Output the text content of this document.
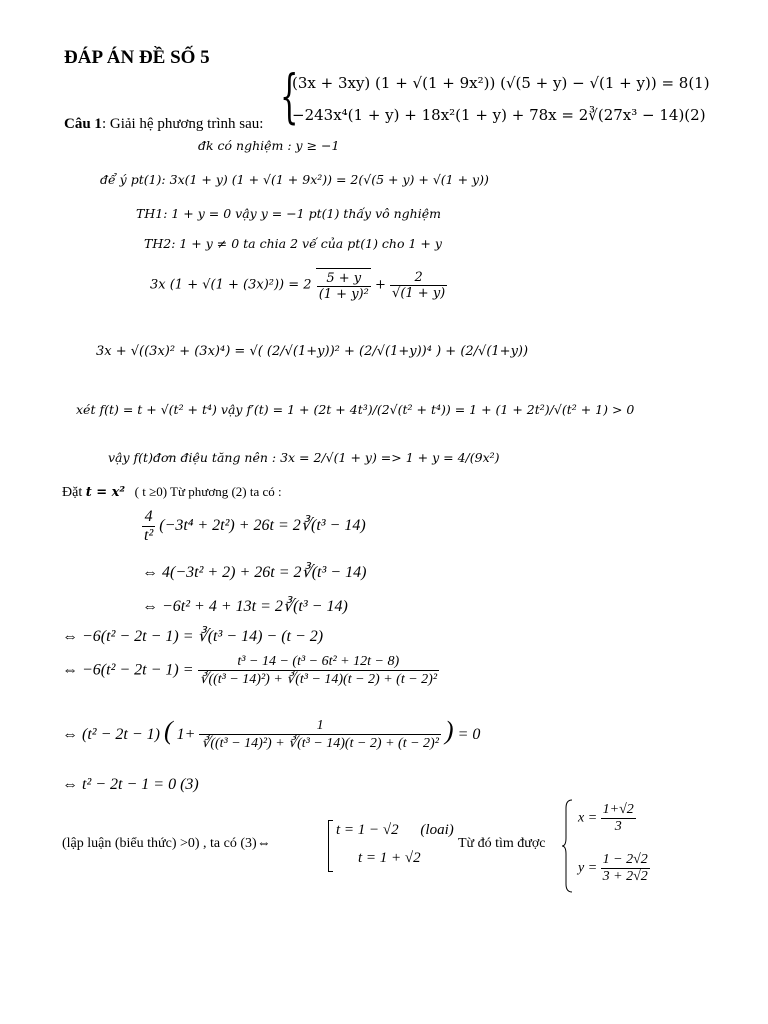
ĐÁP ÁN ĐỀ SỐ 5
Câu 1: Giải hệ phương trình sau: {
(3x + 3xy) (1 + √(1 + 9x²)) (√(5 + y) − √(1 + y)) = 8(1)
−243x⁴(1 + y) + 18x²(1 + y) + 78x = 2∛(27x³ − 14)(2)
đk có nghiệm : y ≥ −1
để ý pt(1): 3x(1 + y) (1 + √(1 + 9x²)) = 2(√(5 + y) + √(1 + y))
TH1: 1 + y = 0 vậy y = −1 pt(1) thấy vô nghiệm
TH2: 1 + y ≠ 0 ta chia 2 vế của pt(1) cho 1 + y
3x $(1 + √(1 + (3x)^2)) = 2 \frac{5 + y}{\text{(1 + y)²}} + \frac{2}{√(1 + y)}$
3x + √((3x)² + (3x)⁴) = √( (2/√(1+y))² + (2/√(1+y))⁴ ) + (2/√(1+y))
xét f(t) = t + √(t² + t⁴) vậy f′(t) = 1 + (2t + 4t³)/(2√(t² + t⁴)) = 1 + (1 + 2t²)/√(t² + 1) > 0
vậy f(t)đơn điệu tăng nên : 3x = 2/√(1 + y) => 1 + y = 4/(9x²)
Đặt t = x² ( t ≥0) Từ phương (2) ta có :
$\frac{4}{\text{t²}} (-3t^4 + 2t^2) + 26t$ = 2∛(t³ − 14)
⇔ 4(−3t² + 2) + 26t = 2∛(t³ − 14)
⇔ −6t² + 4 + 13t = 2∛(t³ − 14)
⇔ −6(t² − 2t − 1) = ∛(t³ − 14) − (t − 2)
⇔ $-6(t^2 - 2t - 1) = \frac{\text{t³ − 14 − (t³ − 6t² + 12t − 8)}}{\text{∛((t³ − 14)²) + ∛(t³ − 14)(t − 2) + (t − 2)²}}$
⇔ (t² − 2t − 1) ( $1+ \frac{1}{\text{∛((t³ − 14)²) + ∛(t³ − 14)(t − 2) + (t − 2)²}}$ ) = 0
⇔ t² − 2t − 1 = 0 (3)
(lập luận (biểu thức) >0) , ta có (3)⇔
t = 1 − √2 (loai)
t = 1 + √2
Từ đó tìm được
$x = \frac{1+√2}{3}$
$y = \frac{1 - 2√2}{3 + 2√2}$
